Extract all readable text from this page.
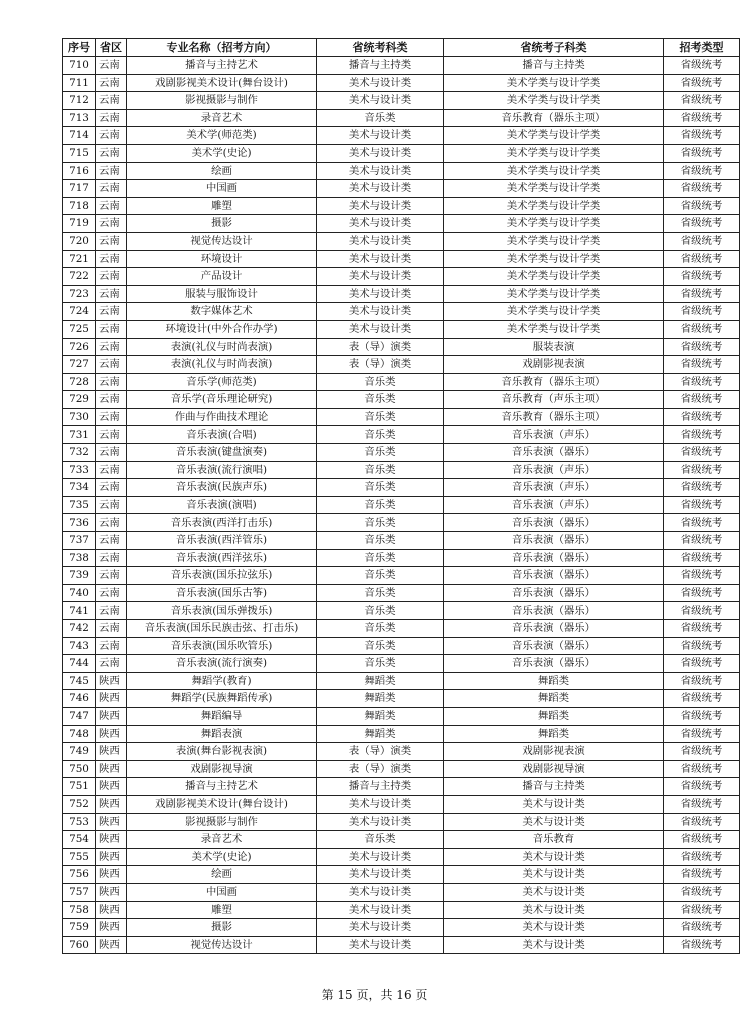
序号	省区	专业名称（招考方向）	省统考科类	省统考子科类	招考类型
710	云南	播音与主持艺术	播音与主持类	播音与主持类	省级统考
711	云南	戏剧影视美术设计(舞台设计)	美术与设计类	美术学类与设计学类	省级统考
712	云南	影视摄影与制作	美术与设计类	美术学类与设计学类	省级统考
713	云南	录音艺术	音乐类	音乐教育（器乐主项）	省级统考
714	云南	美术学(师范类)	美术与设计类	美术学类与设计学类	省级统考
715	云南	美术学(史论)	美术与设计类	美术学类与设计学类	省级统考
716	云南	绘画	美术与设计类	美术学类与设计学类	省级统考
717	云南	中国画	美术与设计类	美术学类与设计学类	省级统考
718	云南	雕塑	美术与设计类	美术学类与设计学类	省级统考
719	云南	摄影	美术与设计类	美术学类与设计学类	省级统考
720	云南	视觉传达设计	美术与设计类	美术学类与设计学类	省级统考
721	云南	环境设计	美术与设计类	美术学类与设计学类	省级统考
722	云南	产品设计	美术与设计类	美术学类与设计学类	省级统考
723	云南	服装与服饰设计	美术与设计类	美术学类与设计学类	省级统考
724	云南	数字媒体艺术	美术与设计类	美术学类与设计学类	省级统考
725	云南	环境设计(中外合作办学)	美术与设计类	美术学类与设计学类	省级统考
726	云南	表演(礼仪与时尚表演)	表（导）演类	服装表演	省级统考
727	云南	表演(礼仪与时尚表演)	表（导）演类	戏剧影视表演	省级统考
728	云南	音乐学(师范类)	音乐类	音乐教育（器乐主项）	省级统考
729	云南	音乐学(音乐理论研究)	音乐类	音乐教育（声乐主项）	省级统考
730	云南	作曲与作曲技术理论	音乐类	音乐教育（器乐主项）	省级统考
731	云南	音乐表演(合唱)	音乐类	音乐表演（声乐）	省级统考
732	云南	音乐表演(键盘演奏)	音乐类	音乐表演（器乐）	省级统考
733	云南	音乐表演(流行演唱)	音乐类	音乐表演（声乐）	省级统考
734	云南	音乐表演(民族声乐)	音乐类	音乐表演（声乐）	省级统考
735	云南	音乐表演(演唱)	音乐类	音乐表演（声乐）	省级统考
736	云南	音乐表演(西洋打击乐)	音乐类	音乐表演（器乐）	省级统考
737	云南	音乐表演(西洋管乐)	音乐类	音乐表演（器乐）	省级统考
738	云南	音乐表演(西洋弦乐)	音乐类	音乐表演（器乐）	省级统考
739	云南	音乐表演(国乐拉弦乐)	音乐类	音乐表演（器乐）	省级统考
740	云南	音乐表演(国乐古筝)	音乐类	音乐表演（器乐）	省级统考
741	云南	音乐表演(国乐弹拨乐)	音乐类	音乐表演（器乐）	省级统考
742	云南	音乐表演(国乐民族击弦、打击乐)	音乐类	音乐表演（器乐）	省级统考
743	云南	音乐表演(国乐吹管乐)	音乐类	音乐表演（器乐）	省级统考
744	云南	音乐表演(流行演奏)	音乐类	音乐表演（器乐）	省级统考
745	陕西	舞蹈学(教育)	舞蹈类	舞蹈类	省级统考
746	陕西	舞蹈学(民族舞蹈传承)	舞蹈类	舞蹈类	省级统考
747	陕西	舞蹈编导	舞蹈类	舞蹈类	省级统考
748	陕西	舞蹈表演	舞蹈类	舞蹈类	省级统考
749	陕西	表演(舞台影视表演)	表（导）演类	戏剧影视表演	省级统考
750	陕西	戏剧影视导演	表（导）演类	戏剧影视导演	省级统考
751	陕西	播音与主持艺术	播音与主持类	播音与主持类	省级统考
752	陕西	戏剧影视美术设计(舞台设计)	美术与设计类	美术与设计类	省级统考
753	陕西	影视摄影与制作	美术与设计类	美术与设计类	省级统考
754	陕西	录音艺术	音乐类	音乐教育	省级统考
755	陕西	美术学(史论)	美术与设计类	美术与设计类	省级统考
756	陕西	绘画	美术与设计类	美术与设计类	省级统考
757	陕西	中国画	美术与设计类	美术与设计类	省级统考
758	陕西	雕塑	美术与设计类	美术与设计类	省级统考
759	陕西	摄影	美术与设计类	美术与设计类	省级统考
760	陕西	视觉传达设计	美术与设计类	美术与设计类	省级统考
第 15 页，共 16 页
